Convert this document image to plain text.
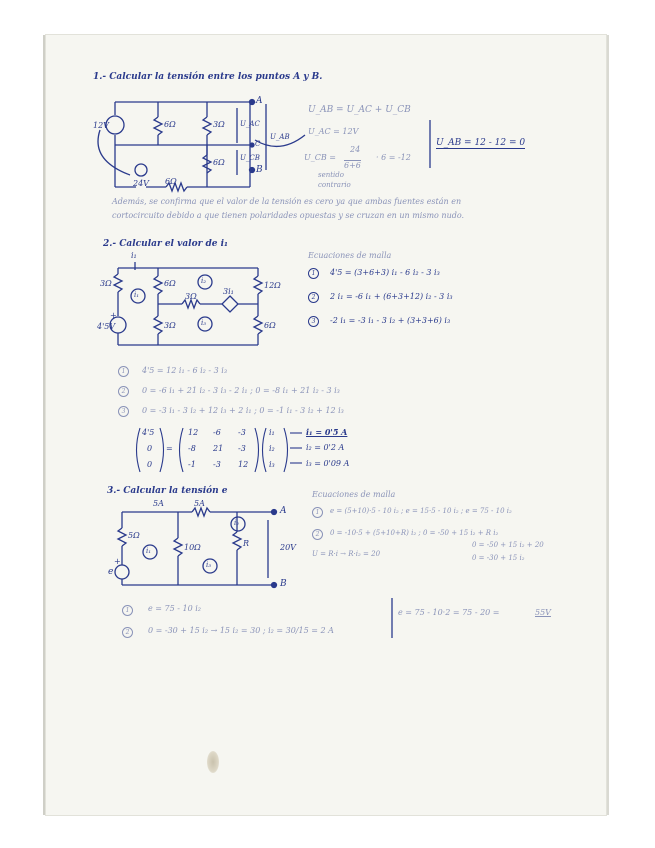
1.- Calcular la tensión entre los puntos A y B.
12V	6Ω	3Ω
6Ω
24V 6Ω
A
C
B
U_AC
U_CB
U_AB
U_AB = U_AC + U_CB
U_AC = 12V
U_CB =
24
6+6
· 6 = -12
sentido
contrario
U_AB = 12 - 12 = 0
Además, se confirma que el valor de la tensión es cero ya que ambas fuentes están en
cortocircuito debido a que tienen polaridades opuestas y se cruzan en un mismo nudo.
2.- Calcular el valor de i₁
i₁
3Ω	6Ω	12Ω
3Ω
3i₁
4'5V
+
3Ω	6Ω
i₁
i₂
i₃
Ecuaciones de malla
1	4'5 = (3+6+3) i₁ - 6 i₂ - 3 i₃
2	2 i₁ = -6 i₁ + (6+3+12) i₂ - 3 i₃
3	-2 i₁ = -3 i₁ - 3 i₂ + (3+3+6) i₃
1	4'5 = 12 i₁ - 6 i₂ - 3 i₃
2	0 = -6 i₁ + 21 i₂ - 3 i₃ - 2 i₁ ; 0 = -8 i₁ + 21 i₂ - 3 i₃
3	0 = -3 i₁ - 3 i₂ + 12 i₃ + 2 i₁ ; 0 = -1 i₁ - 3 i₂ + 12 i₃
4'5
0
0
=
12 -6 -3
-8 21 -3
-1 -3 12
i₁
i₂
i₃
i₁ = 0'5 A
i₂ = 0'2 A
i₃ = 0'09 A
3.- Calcular la tensión e
5A	5A
5Ω
10Ω	R	20V
A
B
e
+
i₁
i₂
i₃
Ecuaciones de malla
1	e = (5+10)·5 - 10 i₂ ; e = 15·5 - 10 i₂ ; e = 75 - 10 i₂
2	0 = -10·5 + (5+10+R) i₂ ; 0 = -50 + 15 i₂ + R i₂
0 = -50 + 15 i₂ + 20
0 = -30 + 15 i₂
U = R·i → R·i₂ = 20
1	e = 75 - 10 i₂
2	0 = -30 + 15 i₂ → 15 i₂ = 30 ; i₂ = 30/15 = 2 A
e = 75 - 10·2 = 75 - 20 =	55V
